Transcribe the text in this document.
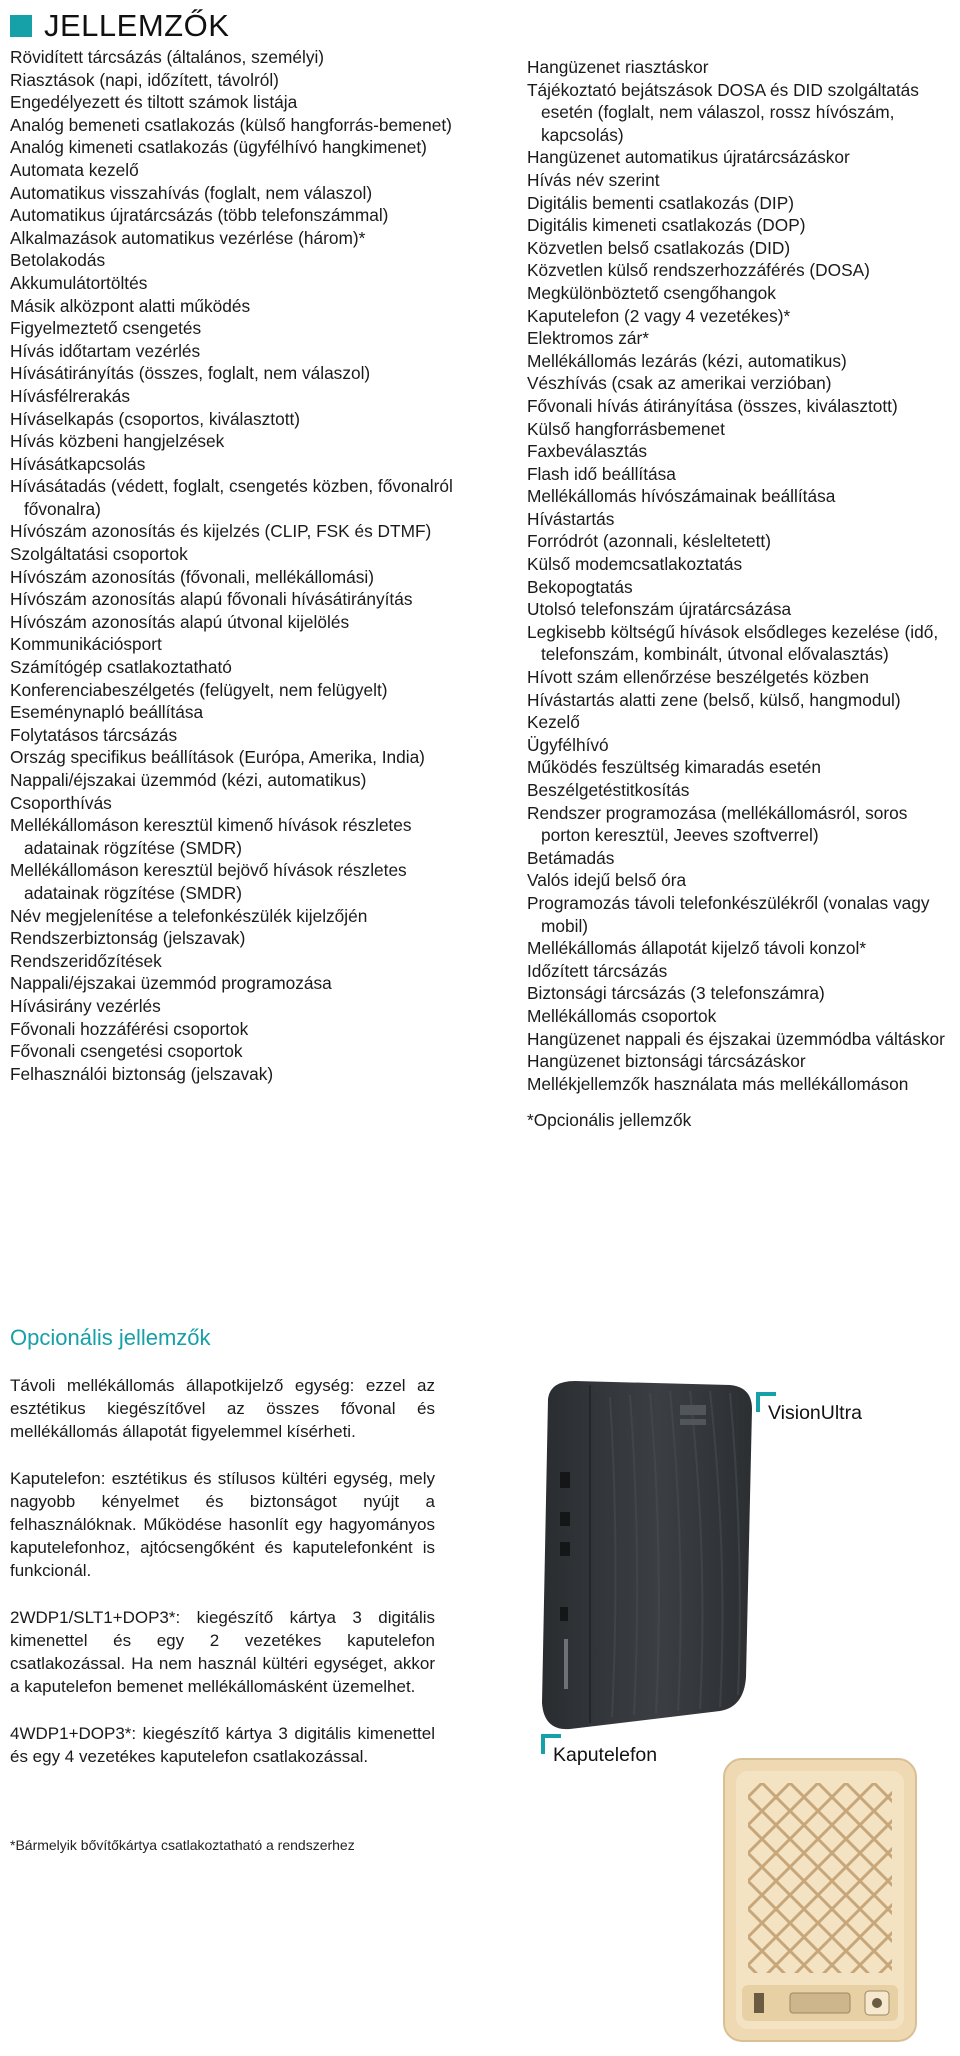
JELLEMZŐK
Rövidített tárcsázás (általános, személyi)
Riasztások (napi, időzített, távolról)
Engedélyezett és tiltott számok listája
Analóg bemeneti csatlakozás (külső hangforrás-bemenet)
Analóg kimeneti csatlakozás (ügyfélhívó hangkimenet)
Automata kezelő
Automatikus visszahívás (foglalt, nem válaszol)
Automatikus újratárcsázás (több telefonszámmal)
Alkalmazások automatikus vezérlése (három)*
Betolakodás
Akkumulátortöltés
Másik alközpont alatti működés
Figyelmeztető csengetés
Hívás időtartam vezérlés
Hívásátirányítás (összes, foglalt, nem válaszol)
Hívásfélrerakás
Híváselkapás (csoportos, kiválasztott)
Hívás közbeni hangjelzések
Hívásátkapcsolás
Hívásátadás (védett, foglalt, csengetés közben, fővonalról fővonalra)
Hívószám azonosítás és kijelzés (CLIP, FSK és DTMF)
Szolgáltatási csoportok
Hívószám azonosítás (fővonali, mellékállomási)
Hívószám azonosítás alapú fővonali hívásátirányítás
Hívószám azonosítás alapú útvonal kijelölés
Kommunikációsport
Számítógép csatlakoztatható
Konferenciabeszélgetés (felügyelt, nem felügyelt)
Eseménynapló beállítása
Folytatásos tárcsázás
Ország specifikus beállítások (Európa, Amerika, India)
Nappali/éjszakai üzemmód (kézi, automatikus)
Csoporthívás
Mellékállomáson keresztül kimenő hívások részletes adatainak rögzítése (SMDR)
Mellékállomáson keresztül bejövő hívások részletes adatainak rögzítése (SMDR)
Név megjelenítése a telefonkészülék kijelzőjén
Rendszerbiztonság (jelszavak)
Rendszeridőzítések
Nappali/éjszakai üzemmód programozása
Hívásirány vezérlés
Fővonali hozzáférési csoportok
Fővonali csengetési csoportok
Felhasználói biztonság (jelszavak)
Hangüzenet riasztáskor
Tájékoztató bejátszások DOSA és DID szolgáltatás esetén (foglalt, nem válaszol, rossz hívószám, kapcsolás)
Hangüzenet automatikus újratárcsázáskor
Hívás név szerint
Digitális bementi csatlakozás (DIP)
Digitális kimeneti csatlakozás (DOP)
Közvetlen belső csatlakozás (DID)
Közvetlen külső rendszerhozzáférés (DOSA)
Megkülönböztető csengőhangok
Kaputelefon (2 vagy 4 vezetékes)*
Elektromos zár*
Mellékállomás lezárás (kézi, automatikus)
Vészhívás (csak az amerikai verzióban)
Fővonali hívás átirányítása (összes, kiválasztott)
Külső hangforrásbemenet
Faxbeválasztás
Flash idő beállítása
Mellékállomás hívószámainak beállítása
Hívástartás
Forródrót (azonnali, késleltetett)
Külső modemcsatlakoztatás
Bekopogtatás
Utolsó telefonszám újratárcsázása
Legkisebb költségű hívások elsődleges kezelése (idő, telefonszám, kombinált, útvonal elővalasztás)
Hívott szám ellenőrzése beszélgetés közben
Hívástartás alatti zene (belső, külső, hangmodul)
Kezelő
Ügyfélhívó
Működés feszültség kimaradás esetén
Beszélgetéstitkosítás
Rendszer programozása (mellékállomásról, soros porton keresztül, Jeeves szoftverrel)
Betámadás
Valós idejű belső óra
Programozás távoli telefonkészülékről (vonalas vagy mobil)
Mellékállomás állapotát kijelző távoli konzol*
Időzített tárcsázás
Biztonsági tárcsázás (3 telefonszámra)
Mellékállomás csoportok
Hangüzenet nappali és éjszakai üzemmódba váltáskor
Hangüzenet biztonsági tárcsázáskor
Mellékjellemzők használata más mellékállomáson
*Opcionális jellemzők
Opcionális jellemzők

Távoli mellékállomás állapotkijelző egység: ezzel az esztétikus kiegészítővel az összes fővonal és mellékállomás állapotát figyelemmel kísérheti.

Kaputelefon: esztétikus és stílusos kültéri egység, mely nagyobb kényelmet és biztonságot nyújt a felhasználóknak. Működése hasonlít egy hagyományos kaputelefonhoz, ajtócsengőként és kaputelefonként is funkcionál.

2WDP1/SLT1+DOP3*: kiegészítő kártya 3 digitális kimenettel és egy 2 vezetékes kaputelefon csatlakozással. Ha nem használ kültéri egységet, akkor a kaputelefon bemenet mellékállomásként üzemelhet.

4WDP1+DOP3*: kiegészítő kártya 3 digitális kimenettel és egy 4 vezetékes kaputelefon csatlakozással.

*Bármelyik bővítőkártya csatlakoztatható a rendszerhez
VisionUltra
Kaputelefon
